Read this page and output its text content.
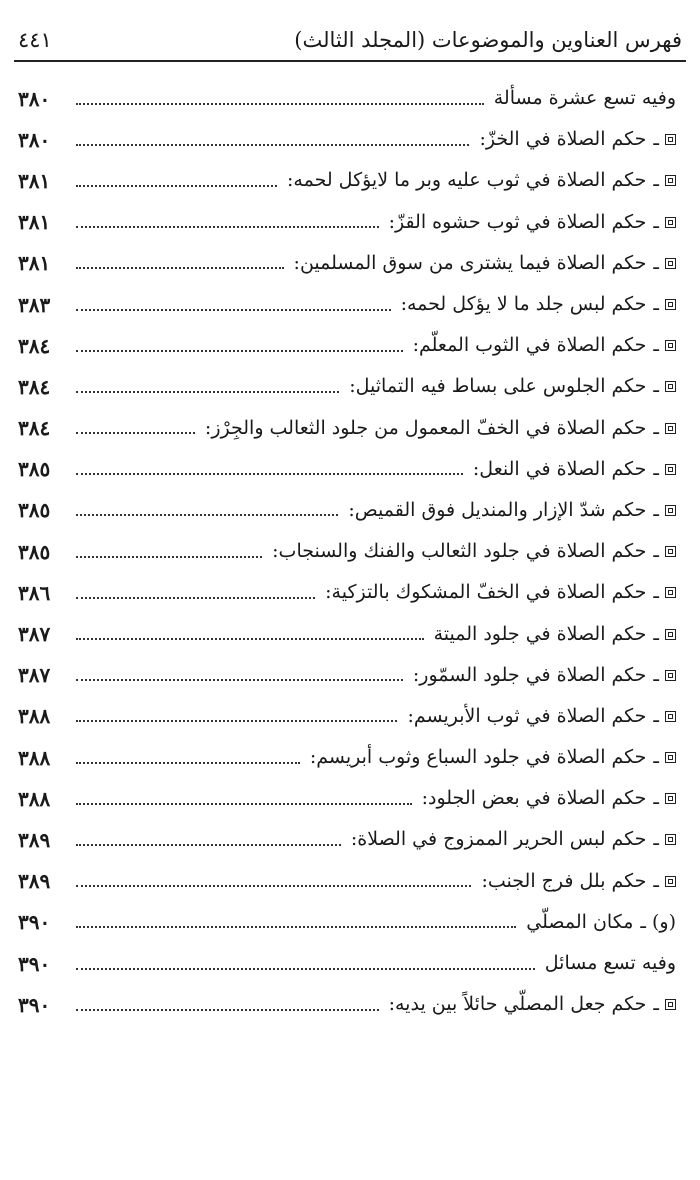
فهرس العناوين والموضوعات (المجلد الثالث)
٤٤١
وفيه تسع عشرة مسألة
٣٨٠
ـ
حكم الصلاة في الخزّ:
٣٨٠
ـ
حكم الصلاة في ثوب عليه وبر ما لايؤكل لحمه:
٣٨١
ـ
حكم الصلاة في ثوب حشوه القزّ:
٣٨١
ـ
حكم الصلاة فيما يشترى من سوق المسلمين:
٣٨١
ـ
حكم لبس جلد ما لا يؤكل لحمه:
٣٨٣
ـ
حكم الصلاة في الثوب المعلّم:
٣٨٤
ـ
حكم الجلوس على بساط فيه التماثيل:
٣٨٤
ـ
حكم الصلاة في الخفّ المعمول من جلود الثعالب والجِرْز:
٣٨٤
ـ
حكم الصلاة في النعل:
٣٨٥
ـ
حكم شدّ الإزار والمنديل فوق القميص:
٣٨٥
ـ
حكم الصلاة في جلود الثعالب والفنك والسنجاب:
٣٨٥
ـ
حكم الصلاة في الخفّ المشكوك بالتزكية:
٣٨٦
ـ
حكم الصلاة في جلود الميتة
٣٨٧
ـ
حكم الصلاة في جلود السمّور:
٣٨٧
ـ
حكم الصلاة في ثوب الأبريسم:
٣٨٨
ـ
حكم الصلاة في جلود السباع وثوب أبريسم:
٣٨٨
ـ
حكم الصلاة في بعض الجلود:
٣٨٨
ـ
حكم لبس الحرير الممزوج في الصلاة:
٣٨٩
ـ
حكم بلل فرج الجنب:
٣٨٩
(و) ـ
مكان المصلّي
٣٩٠
وفيه تسع مسائل
٣٩٠
ـ
حكم جعل المصلّي حائلاً بين يديه:
٣٩٠
